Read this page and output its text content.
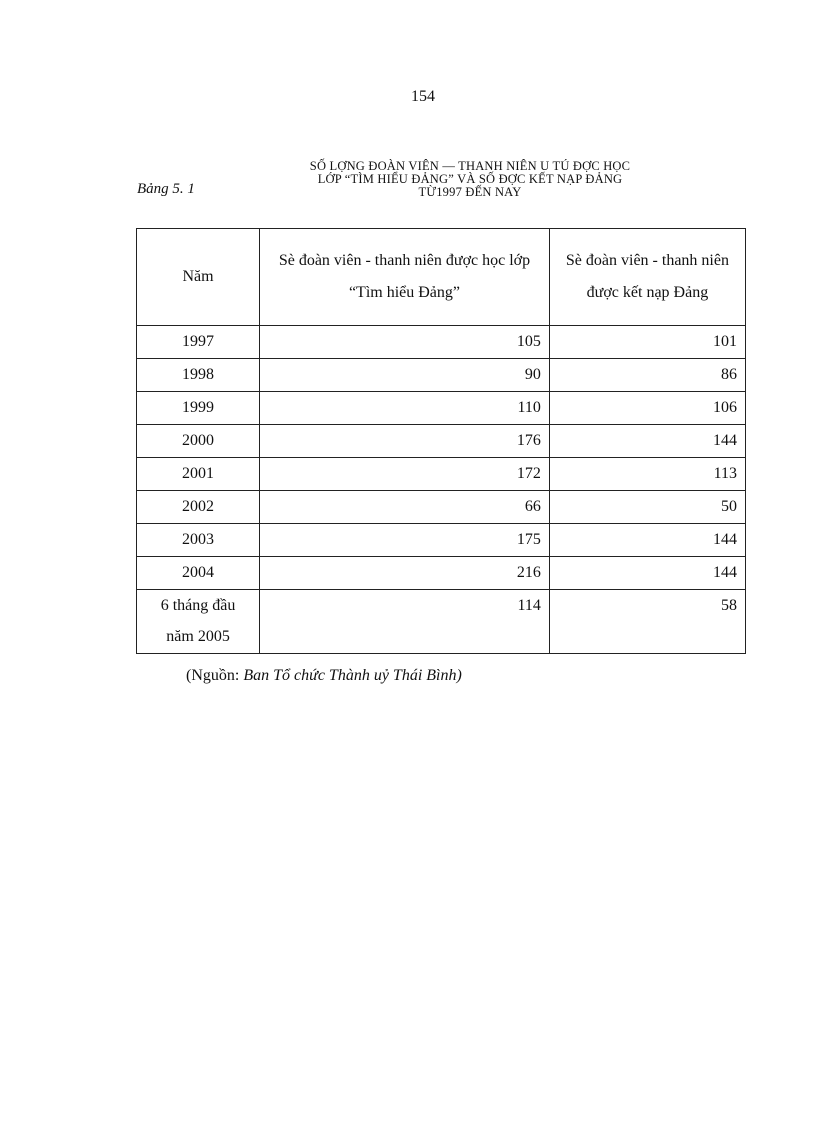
154
Bảng 5. 1
SỐ LỢNG ĐOÀN VIÊN — THANH NIÊN U TÚ ĐỢC HỌC
LỚP “TÌM HIỂU ĐẢNG” VÀ SỐ ĐỢC KẾT NẠP ĐẢNG
TỪ1997 ĐẾN NAY
Năm	Sè đoàn viên - thanh niên được học lớp “Tìm hiểu Đảng”	Sè đoàn viên - thanh niên được kết nạp Đảng
1997	105	101
1998	90	86
1999	110	106
2000	176	144
2001	172	113
2002	66	50
2003	175	144
2004	216	144
6 tháng đầu năm 2005	114	58
(Nguồn: Ban Tổ chức Thành uỷ Thái Bình)
